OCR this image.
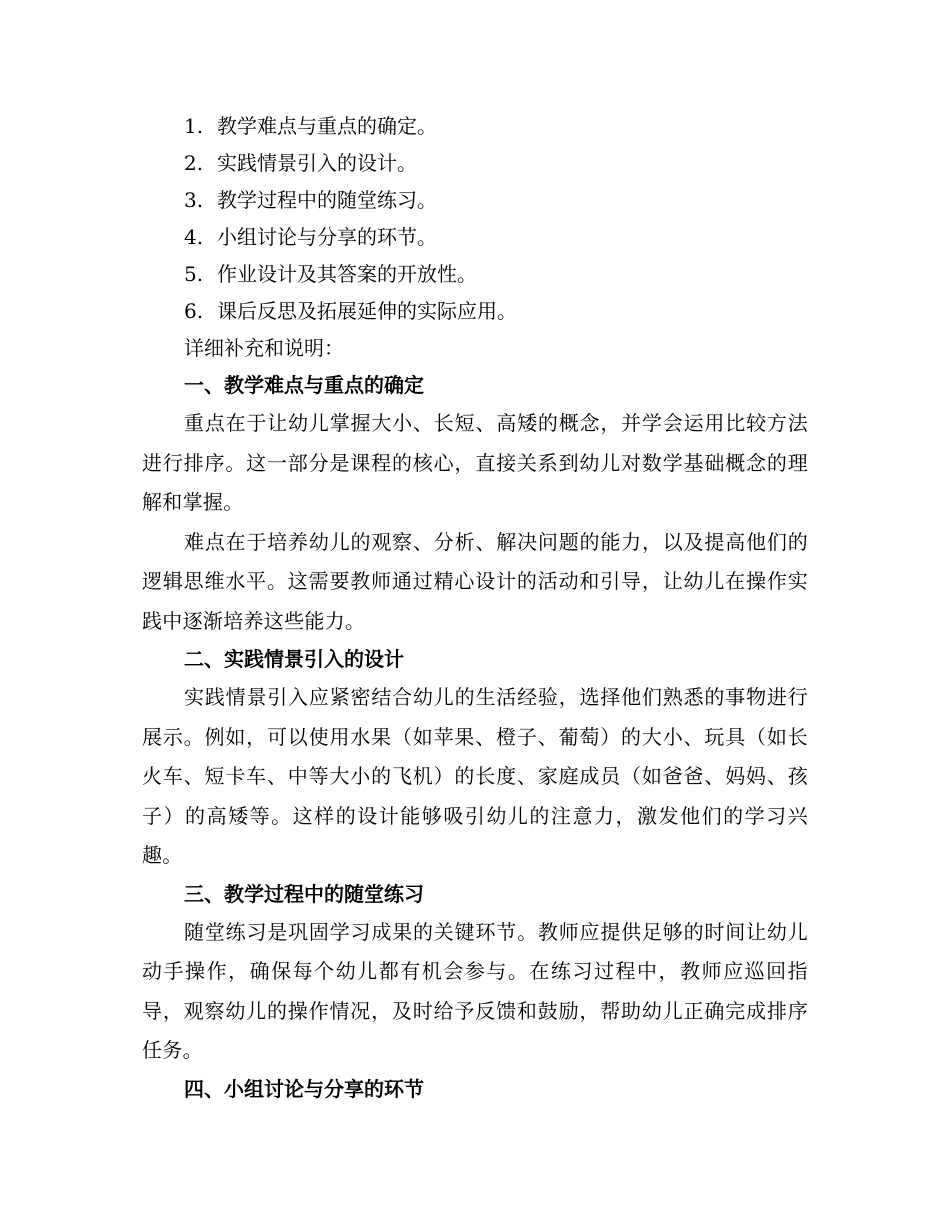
1. 教学难点与重点的确定。
2. 实践情景引入的设计。
3. 教学过程中的随堂练习。
4. 小组讨论与分享的环节。
5. 作业设计及其答案的开放性。
6. 课后反思及拓展延伸的实际应用。
详细补充和说明：
一、教学难点与重点的确定

重点在于让幼儿掌握大小、长短、高矮的概念，并学会运用比较方法进行排序。这一部分是课程的核心，直接关系到幼儿对数学基础概念的理解和掌握。

难点在于培养幼儿的观察、分析、解决问题的能力，以及提高他们的逻辑思维水平。这需要教师通过精心设计的活动和引导，让幼儿在操作实践中逐渐培养这些能力。

二、实践情景引入的设计

实践情景引入应紧密结合幼儿的生活经验，选择他们熟悉的事物进行展示。例如，可以使用水果（如苹果、橙子、葡萄）的大小、玩具（如长火车、短卡车、中等大小的飞机）的长度、家庭成员（如爸爸、妈妈、孩子）的高矮等。这样的设计能够吸引幼儿的注意力，激发他们的学习兴趣。

三、教学过程中的随堂练习

随堂练习是巩固学习成果的关键环节。教师应提供足够的时间让幼儿动手操作，确保每个幼儿都有机会参与。在练习过程中，教师应巡回指导，观察幼儿的操作情况，及时给予反馈和鼓励，帮助幼儿正确完成排序任务。

四、小组讨论与分享的环节
